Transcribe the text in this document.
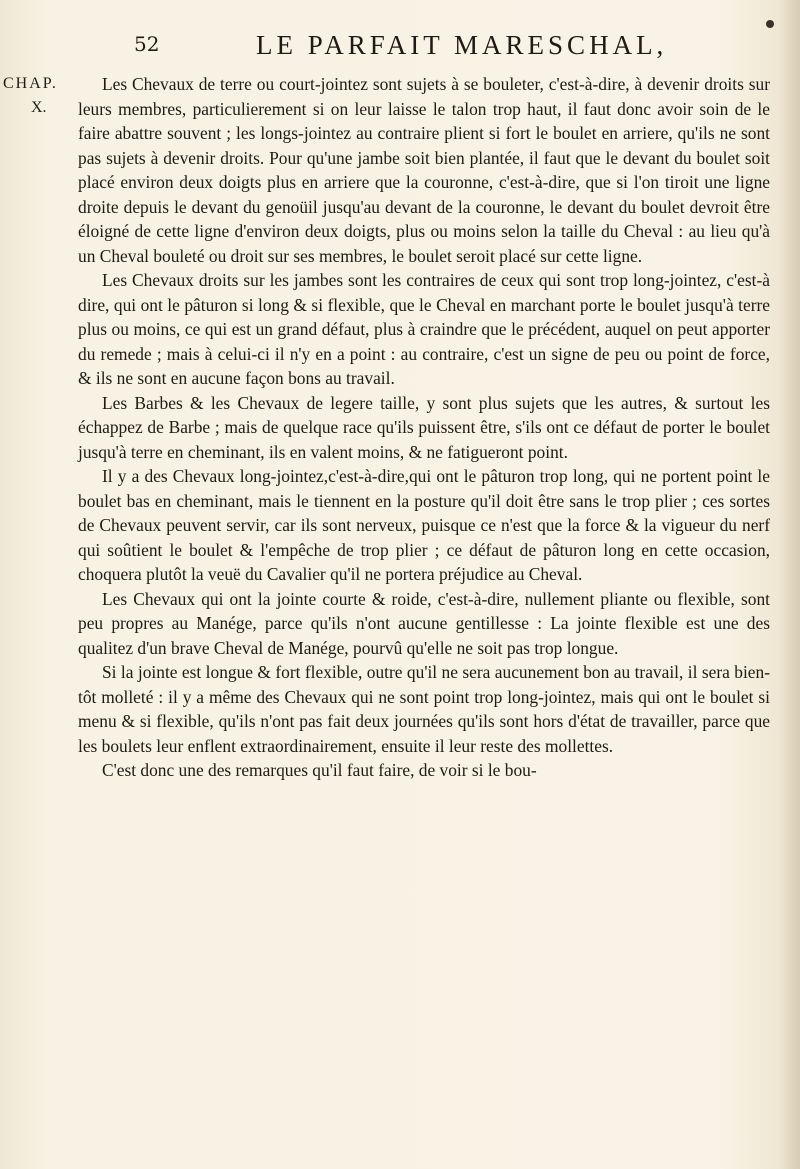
52	LE PARFAIT MARESCHAL,
CHAP.
X.

Les Chevaux de terre ou court-jointez sont sujets à se bouleter, c'est-à-dire, à devenir droits sur leurs membres, particulierement si on leur laisse le talon trop haut, il faut donc avoir soin de le faire abattre souvent ; les longs-jointez au contraire plient si fort le boulet en arriere, qu'ils ne sont pas sujets à devenir droits. Pour qu'une jambe soit bien plantée, il faut que le devant du boulet soit placé environ deux doigts plus en arriere que la couronne, c'est-à-dire, que si l'on tiroit une ligne droite depuis le devant du genoüil jusqu'au devant de la couronne, le devant du boulet devroit être éloigné de cette ligne d'environ deux doigts, plus ou moins selon la taille du Cheval : au lieu qu'à un Cheval bouleté ou droit sur ses membres, le boulet seroit placé sur cette ligne.

Les Chevaux droits sur les jambes sont les contraires de ceux qui sont trop long-jointez, c'est-à dire, qui ont le pâturon si long & si flexible, que le Cheval en marchant porte le boulet jusqu'à terre plus ou moins, ce qui est un grand défaut, plus à craindre que le précédent, auquel on peut apporter du remede ; mais à celui-ci il n'y en a point : au contraire, c'est un signe de peu ou point de force, & ils ne sont en aucune façon bons au travail.

Les Barbes & les Chevaux de legere taille, y sont plus sujets que les autres, & surtout les échappez de Barbe ; mais de quelque race qu'ils puissent être, s'ils ont ce défaut de porter le boulet jusqu'à terre en cheminant, ils en valent moins, & ne fatigueront point.

Il y a des Chevaux long-jointez,c'est-à-dire,qui ont le pâturon trop long, qui ne portent point le boulet bas en cheminant, mais le tiennent en la posture qu'il doit être sans le trop plier ; ces sortes de Chevaux peuvent servir, car ils sont nerveux, puisque ce n'est que la force & la vigueur du nerf qui soûtient le boulet & l'empêche de trop plier ; ce défaut de pâturon long en cette occasion, choquera plutôt la veuë du Cavalier qu'il ne portera préjudice au Cheval.

Les Chevaux qui ont la jointe courte & roide, c'est-à-dire, nullement pliante ou flexible, sont peu propres au Manége, parce qu'ils n'ont aucune gentillesse : La jointe flexible est une des qualitez d'un brave Cheval de Manége, pourvû qu'elle ne soit pas trop longue.

Si la jointe est longue & fort flexible, outre qu'il ne sera aucunement bon au travail, il sera bien-tôt molleté : il y a même des Chevaux qui ne sont point trop long-jointez, mais qui ont le boulet si menu & si flexible, qu'ils n'ont pas fait deux journées qu'ils sont hors d'état de travailler, parce que les boulets leur enflent extraordinairement, ensuite il leur reste des mollettes.

C'est donc une des remarques qu'il faut faire, de voir si le bou-
